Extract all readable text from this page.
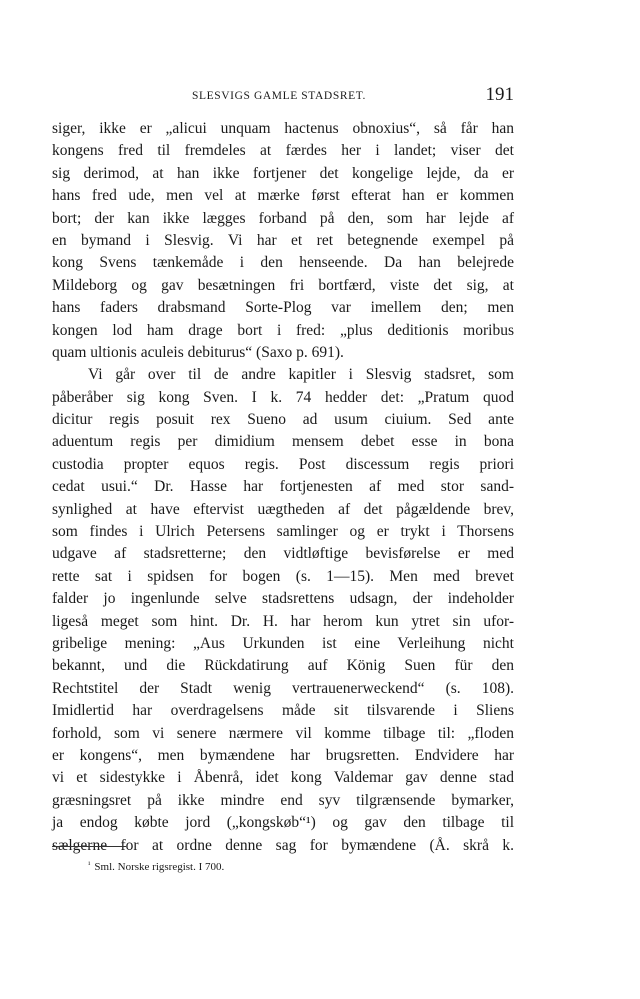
SLESVIGS GAMLE STADSRET.	191
siger, ikke er „alicui unquam hactenus obnoxius“, så får han
kongens fred til fremdeles at færdes her i landet; viser det
sig derimod, at han ikke fortjener det kongelige lejde, da er
hans fred ude, men vel at mærke først efterat han er kommen
bort; der kan ikke lægges forband på den, som har lejde af
en bymand i Slesvig. Vi har et ret betegnende exempel på
kong Svens tænkemåde i den henseende. Da han belejrede
Mildeborg og gav besætningen fri bortfærd, viste det sig, at
hans faders drabsmand Sorte-Plog var imellem den; men
kongen lod ham drage bort i fred: „plus deditionis moribus
quam ultionis aculeis debiturus“ (Saxo p. 691).
Vi går over til de andre kapitler i Slesvig stadsret, som
påberåber sig kong Sven. I k. 74 hedder det: „Pratum quod
dicitur regis posuit rex Sueno ad usum ciuium. Sed ante
aduentum regis per dimidium mensem debet esse in bona
custodia propter equos regis. Post discessum regis priori
cedat usui.“ Dr. Hasse har fortjenesten af med stor sand-
synlighed at have eftervist uægtheden af det pågældende brev,
som findes i Ulrich Petersens samlinger og er trykt i Thorsens
udgave af stadsretterne; den vidtløftige bevisførelse er med
rette sat i spidsen for bogen (s. 1—15). Men med brevet
falder jo ingenlunde selve stadsrettens udsagn, der indeholder
ligeså meget som hint. Dr. H. har herom kun ytret sin ufor-
gribelige mening: „Aus Urkunden ist eine Verleihung nicht
bekannt, und die Rückdatirung auf König Suen für den
Rechtstitel der Stadt wenig vertrauenerweckend“ (s. 108).
Imidlertid har overdragelsens måde sit tilsvarende i Sliens
forhold, som vi senere nærmere vil komme tilbage til: „floden
er kongens“, men bymændene har brugsretten. Endvidere har
vi et sidestykke i Åbenrå, idet kong Valdemar gav denne stad
græsningsret på ikke mindre end syv tilgrænsende bymarker,
ja endog købte jord („kongskøb“¹) og gav den tilbage til
sælgerne for at ordne denne sag for bymændene (Å. skrå k.
$^{^1}$ Sml. Norske rigsregist. I 700.
